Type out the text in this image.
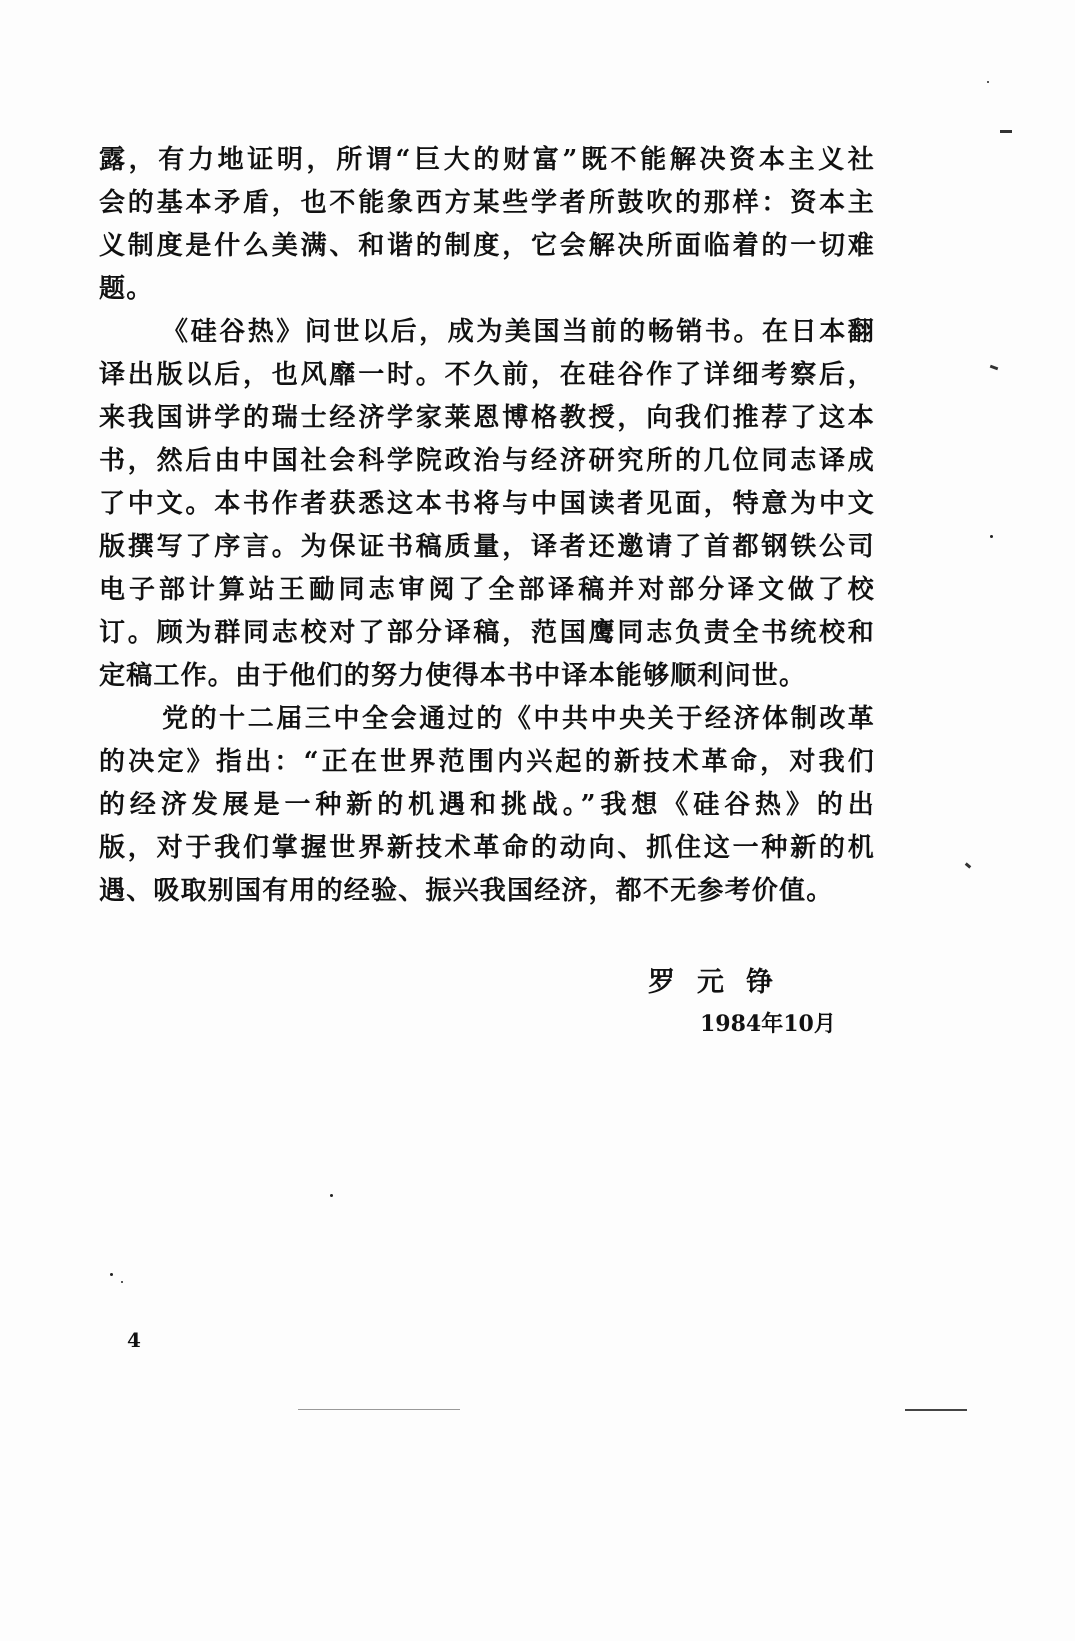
露，有力地证明，所谓“巨大的财富”既不能解决资本主义社
会的基本矛盾，也不能象西方某些学者所鼓吹的那样：资本主
义制度是什么美满、和谐的制度，它会解决所面临着的一切难
题。
《硅谷热》问世以后，成为美国当前的畅销书。在日本翻
译出版以后，也风靡一时。不久前，在硅谷作了详细考察后，
来我国讲学的瑞士经济学家莱恩博格教授，向我们推荐了这本
书，然后由中国社会科学院政治与经济研究所的几位同志译成
了中文。本书作者获悉这本书将与中国读者见面，特意为中文
版撰写了序言。为保证书稿质量，译者还邀请了首都钢铁公司
电子部计算站王勔同志审阅了全部译稿并对部分译文做了校
订。顾为群同志校对了部分译稿，范国鹰同志负责全书统校和
定稿工作。由于他们的努力使得本书中译本能够顺利问世。
党的十二届三中全会通过的《中共中央关于经济体制改革
的决定》指出：“正在世界范围内兴起的新技术革命，对我们
的经济发展是一种新的机遇和挑战。”我想《硅谷热》的出
版，对于我们掌握世界新技术革命的动向、抓住这一种新的机
遇、吸取别国有用的经验、振兴我国经济，都不无参考价值。
罗元铮
1984年10月
4
